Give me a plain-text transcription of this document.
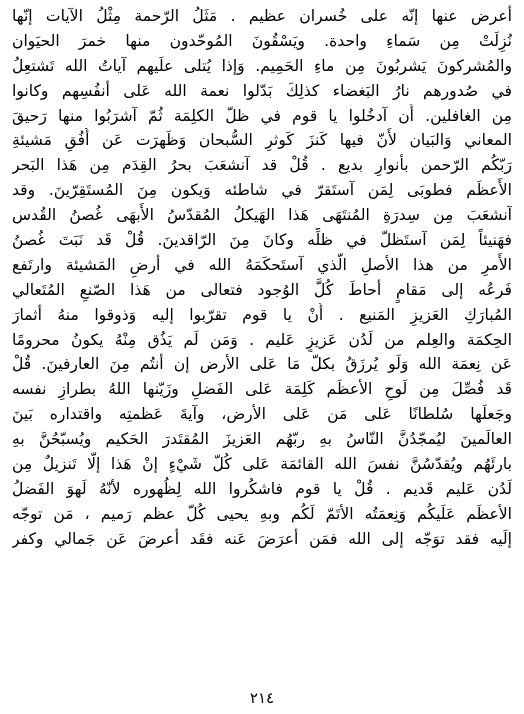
أعرض عنها إنّه على خُسران عظيم . مَثَلُ الرّحمة مِثْلُ الآيات إنّها
نُزِلَتْ مِن سَماءِ واحدة. ويَسْقُونَ المُوحّدون منها خمرَ الحيَوان
والمُشركونَ يَشربُونَ مِن ماءِ الحَمِيم. وَإذا يُتلى علَيهم آياتُ الله تَشتعِلُ
في صُدورهم نارُ البَغضاء كذلِكَ بَدّلوا نعمة الله عَلى أنفُسِهم وكانوا
مِن الغافلين. أَن آدخُلوا يا قوم في ظلّ الكلِمَة ثُمّ آشرَبُوا منها رَحيقَ
المعاني وَالبَيان لأَنّ فيها كَنزَ كَوثرِ السُّبحان وَظَهرَت عَن أُفُقِ مَشيئةِ
رَبّكُم الرّحمن بأنوارِ بديع . قُلْ قد آنشعَبَ بحرُ القِدَم مِن هَذا البَحر
الأَعظَم فطوبَى لِمَن آستَقرّ في شاطئه وَيكون مِنَ المُستَقِرّينَ. وقد
آنشعَبَ مِن سِدرَةِ المُنتَهَى هَذا الهَيكلُ المُقدّسُ الأَبهَى غُصنُ القُدس
فهَنيئاً لِمَن آستَظلّ في ظلِّه وكانَ مِنَ الرّاقدينَ. قُلْ قَد نَبَتَ غُصنُ
الأَمرِ من هذا الأصلِ الّذي آستَحكَمَهُ الله في أرضِ المَشيئة وارتَفع
فَرعُه إلى مَقامٍ أحاطَ كُلَّ الوُجود فتعالى من هَذا الصّنعِ المُتَعالي
المُبارَكِ العَزيزِ المَنيع . أَنْ يا قوم تقرّبوا إليه وَذوقوا منهُ أثمارَ
الحِكمَة والعِلم من لَدُن عَزيزٍ عَليم . وَمَن لَم يَذُق مِنْهُ يكونُ محرومًا
عَن نِعمَة الله وَلَو يُرزَقُ بكلّ مَا عَلى الأرض إن أنتُم مِنَ العارفينَ. قُلْ
قَد فُصِّلَ مِن لَوحِ الأعظَم كَلِمَة عَلى الفَضلِ وزَيّنها اللهُ بطرازِ نفسه
وجَعلَها سُلطانًا عَلى مَن عَلى الأرض، وآيةَ عَظمتِه واقتداره بَينَ
العالَمينَ ليُمجّدُنَّ النّاسُ بهِ ربّهُم العَزيزَ المُقتَدرَ الحَكيم ويُسبّحُنَّ بهِ
بارئَهُم ويُقدّسُنَّ نفسَ الله القائمَة عَلى كُلّ شَيْءٍ إنْ هَذا إلّا تَنزيلٌ مِن
لَدُن عَليم قَديم . قُلْ يا قوم فاشكُروا الله لِظُهوره لأنّهُ لَهوَ الفَضلُ
الأعظَم عَلَيكُم وَنِعمَتُه الأتَمّ لَكُم وبهِ يحيى كُلّ عظم رَميم ، مَن توجّه
إلَيه فقد توَجّه إلى الله فمَن أعرَضَ عَنه فقَد أعرضَ عَن جَمالي وكفر
٢١٤
